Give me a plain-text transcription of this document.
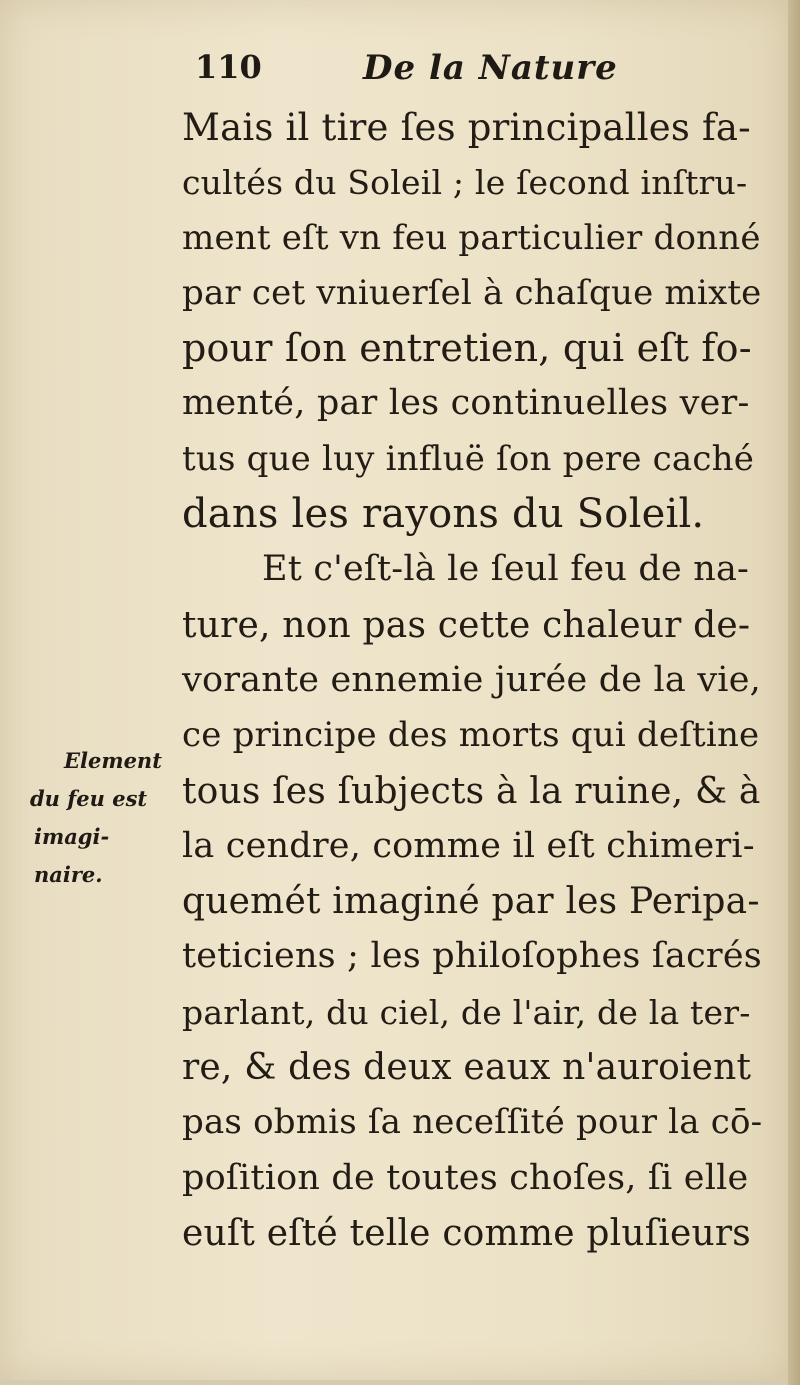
110	De la Nature
Element
du feu est
imagi-
naire.
Mais il tire ſes principalles fa-
cultés du Soleil ; le ſecond inſtru-
ment eſt vn feu particulier donné
par cet vniuerſel à chaſque mixte
pour ſon entretien, qui eſt fo-
menté, par les continuelles ver-
tus que luy influë ſon pere caché
dans les rayons du Soleil.
Et c'eſt-là le ſeul feu de na-
ture, non pas cette chaleur de-
vorante ennemie jurée de la vie,
ce principe des morts qui deſtine
tous ſes ſubjects à la ruine, & à
la cendre, comme il eſt chimeri-
quemét imaginé par les Peripa-
teticiens ; les philoſophes ſacrés
parlant, du ciel, de l'air, de la ter-
re, & des deux eaux n'auroient
pas obmis ſa neceſſité pour la cō-
poſition de toutes choſes, ſi elle
euſt eſté telle comme pluſieurs
